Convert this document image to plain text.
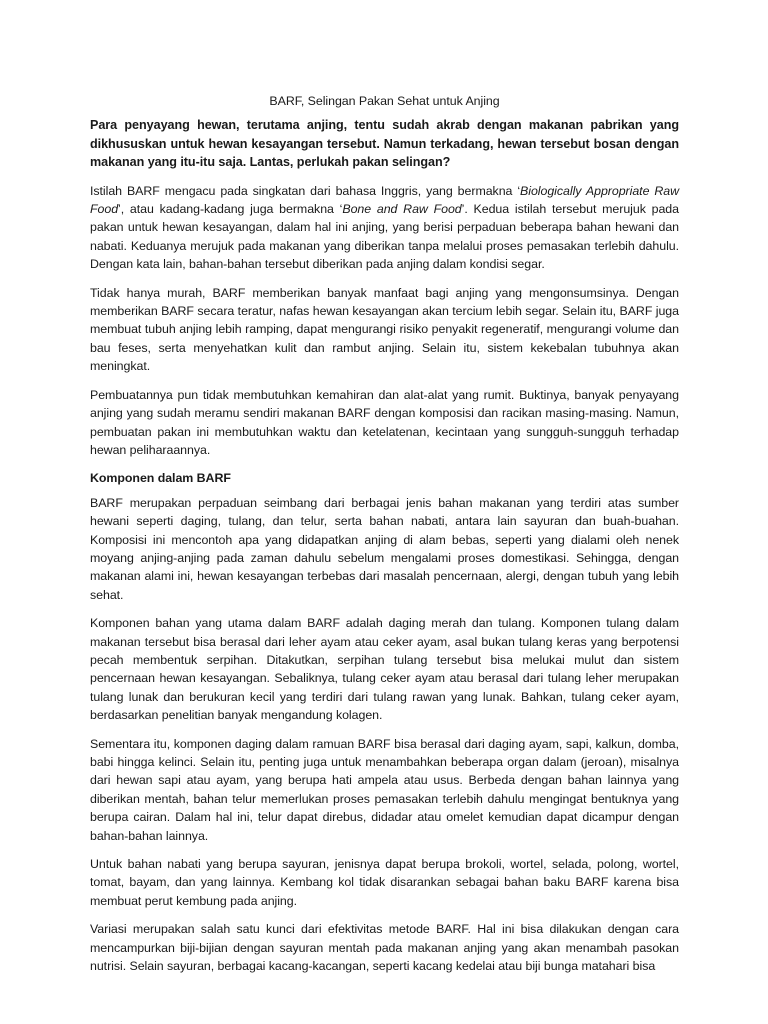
BARF, Selingan Pakan Sehat untuk Anjing

Para penyayang hewan, terutama anjing, tentu sudah akrab dengan makanan pabrikan yang dikhususkan untuk hewan kesayangan tersebut. Namun terkadang, hewan tersebut bosan dengan makanan yang itu-itu saja. Lantas, perlukah pakan selingan?

Istilah BARF mengacu pada singkatan dari bahasa Inggris, yang bermakna ‘Biologically Appropriate Raw Food’, atau kadang-kadang juga bermakna ‘Bone and Raw Food’. Kedua istilah tersebut merujuk pada pakan untuk hewan kesayangan, dalam hal ini anjing, yang berisi perpaduan beberapa bahan hewani dan nabati. Keduanya merujuk pada makanan yang diberikan tanpa melalui proses pemasakan terlebih dahulu. Dengan kata lain, bahan-bahan tersebut diberikan pada anjing dalam kondisi segar.

Tidak hanya murah, BARF memberikan banyak manfaat bagi anjing yang mengonsumsinya. Dengan memberikan BARF secara teratur, nafas hewan kesayangan akan tercium lebih segar. Selain itu, BARF juga membuat tubuh anjing lebih ramping, dapat mengurangi risiko penyakit regeneratif, mengurangi volume dan bau feses, serta menyehatkan kulit dan rambut anjing. Selain itu, sistem kekebalan tubuhnya akan meningkat.

Pembuatannya pun tidak membutuhkan kemahiran dan alat-alat yang rumit. Buktinya, banyak penyayang anjing yang sudah meramu sendiri makanan BARF dengan komposisi dan racikan masing-masing. Namun, pembuatan pakan ini membutuhkan waktu dan ketelatenan, kecintaan yang sungguh-sungguh terhadap hewan peliharaannya.

Komponen dalam BARF

BARF merupakan perpaduan seimbang dari berbagai jenis bahan makanan yang terdiri atas sumber hewani seperti daging, tulang, dan telur, serta bahan nabati, antara lain sayuran dan buah-buahan. Komposisi ini mencontoh apa yang didapatkan anjing di alam bebas, seperti yang dialami oleh nenek moyang anjing-anjing pada zaman dahulu sebelum mengalami proses domestikasi. Sehingga, dengan makanan alami ini, hewan kesayangan terbebas dari masalah pencernaan, alergi, dengan tubuh yang lebih sehat.

Komponen bahan yang utama dalam BARF adalah daging merah dan tulang. Komponen tulang dalam makanan tersebut bisa berasal dari leher ayam atau ceker ayam, asal bukan tulang keras yang berpotensi pecah membentuk serpihan. Ditakutkan, serpihan tulang tersebut bisa melukai mulut dan sistem pencernaan hewan kesayangan. Sebaliknya, tulang ceker ayam atau berasal dari tulang leher merupakan tulang lunak dan berukuran kecil yang terdiri dari tulang rawan yang lunak. Bahkan, tulang ceker ayam, berdasarkan penelitian banyak mengandung kolagen.

Sementara itu, komponen daging dalam ramuan BARF bisa berasal dari daging ayam, sapi, kalkun, domba, babi hingga kelinci. Selain itu, penting juga untuk menambahkan beberapa organ dalam (jeroan), misalnya dari hewan sapi atau ayam, yang berupa hati ampela atau usus. Berbeda dengan bahan lainnya yang diberikan mentah, bahan telur memerlukan proses pemasakan terlebih dahulu mengingat bentuknya yang berupa cairan. Dalam hal ini, telur dapat direbus, didadar atau omelet kemudian dapat dicampur dengan bahan-bahan lainnya.

Untuk bahan nabati yang berupa sayuran, jenisnya dapat berupa brokoli, wortel, selada, polong, wortel, tomat, bayam, dan yang lainnya. Kembang kol tidak disarankan sebagai bahan baku BARF karena bisa membuat perut kembung pada anjing.

Variasi merupakan salah satu kunci dari efektivitas metode BARF. Hal ini bisa dilakukan dengan cara mencampurkan biji-bijian dengan sayuran mentah pada makanan anjing yang akan menambah pasokan nutrisi. Selain sayuran, berbagai kacang-kacangan, seperti kacang kedelai atau biji bunga matahari bisa
